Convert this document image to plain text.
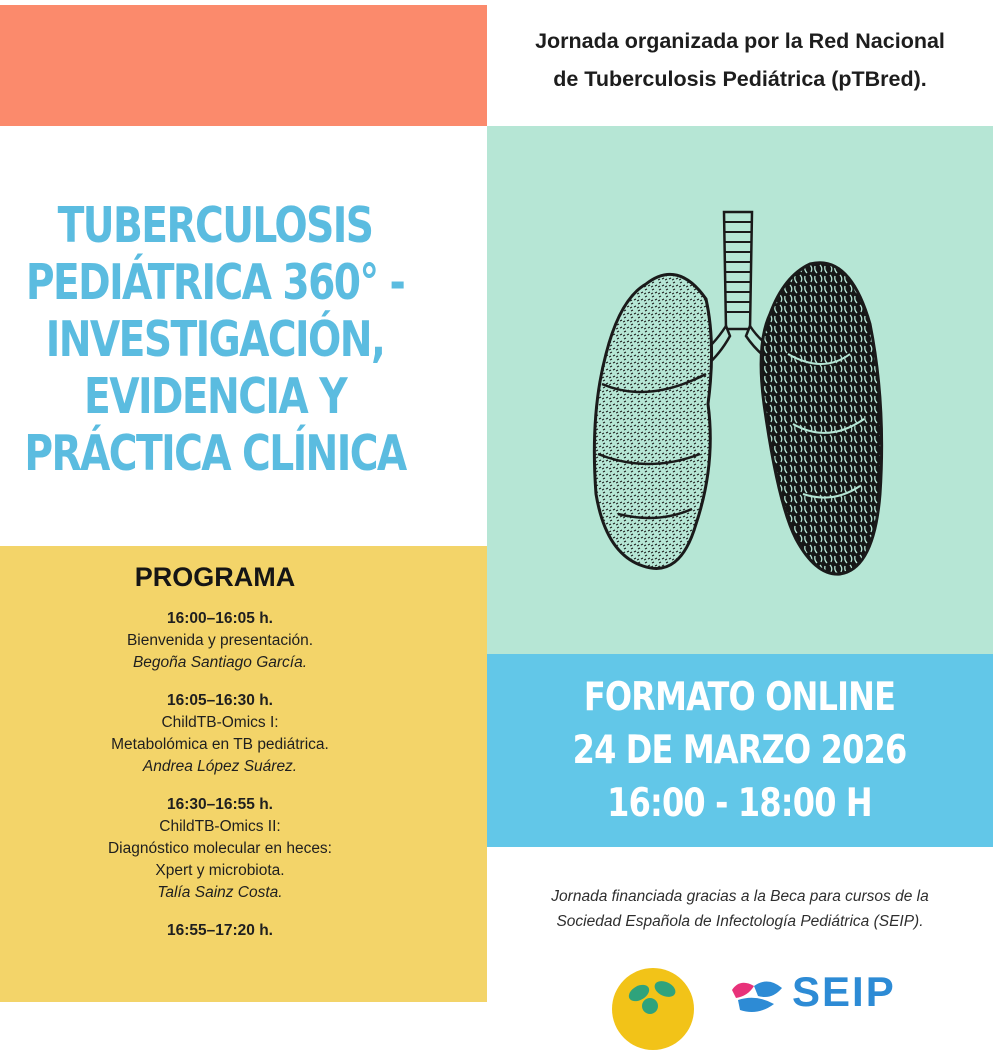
Jornada organizada por la Red Nacional
de Tuberculosis Pediátrica (pTBred).
TUBERCULOSIS
PEDIÁTRICA 360° -
INVESTIGACIÓN,
EVIDENCIA Y
PRÁCTICA CLÍNICA
FORMATO ONLINE
24 DE MARZO 2026
16:00 - 18:00 H
Jornada financiada gracias a la Beca para cursos de la
Sociedad Española de Infectología Pediátrica (SEIP).
PROGRAMA
16:00–16:05 h.
Bienvenida y presentación.
Begoña Santiago García.
16:05–16:30 h.
ChildTB-Omics I:
Metabolómica en TB pediátrica.
Andrea López Suárez.
16:30–16:55 h.
ChildTB-Omics II:
Diagnóstico molecular en heces:
Xpert y microbiota.
Talía Sainz Costa.
16:55–17:20 h.
SEIP
